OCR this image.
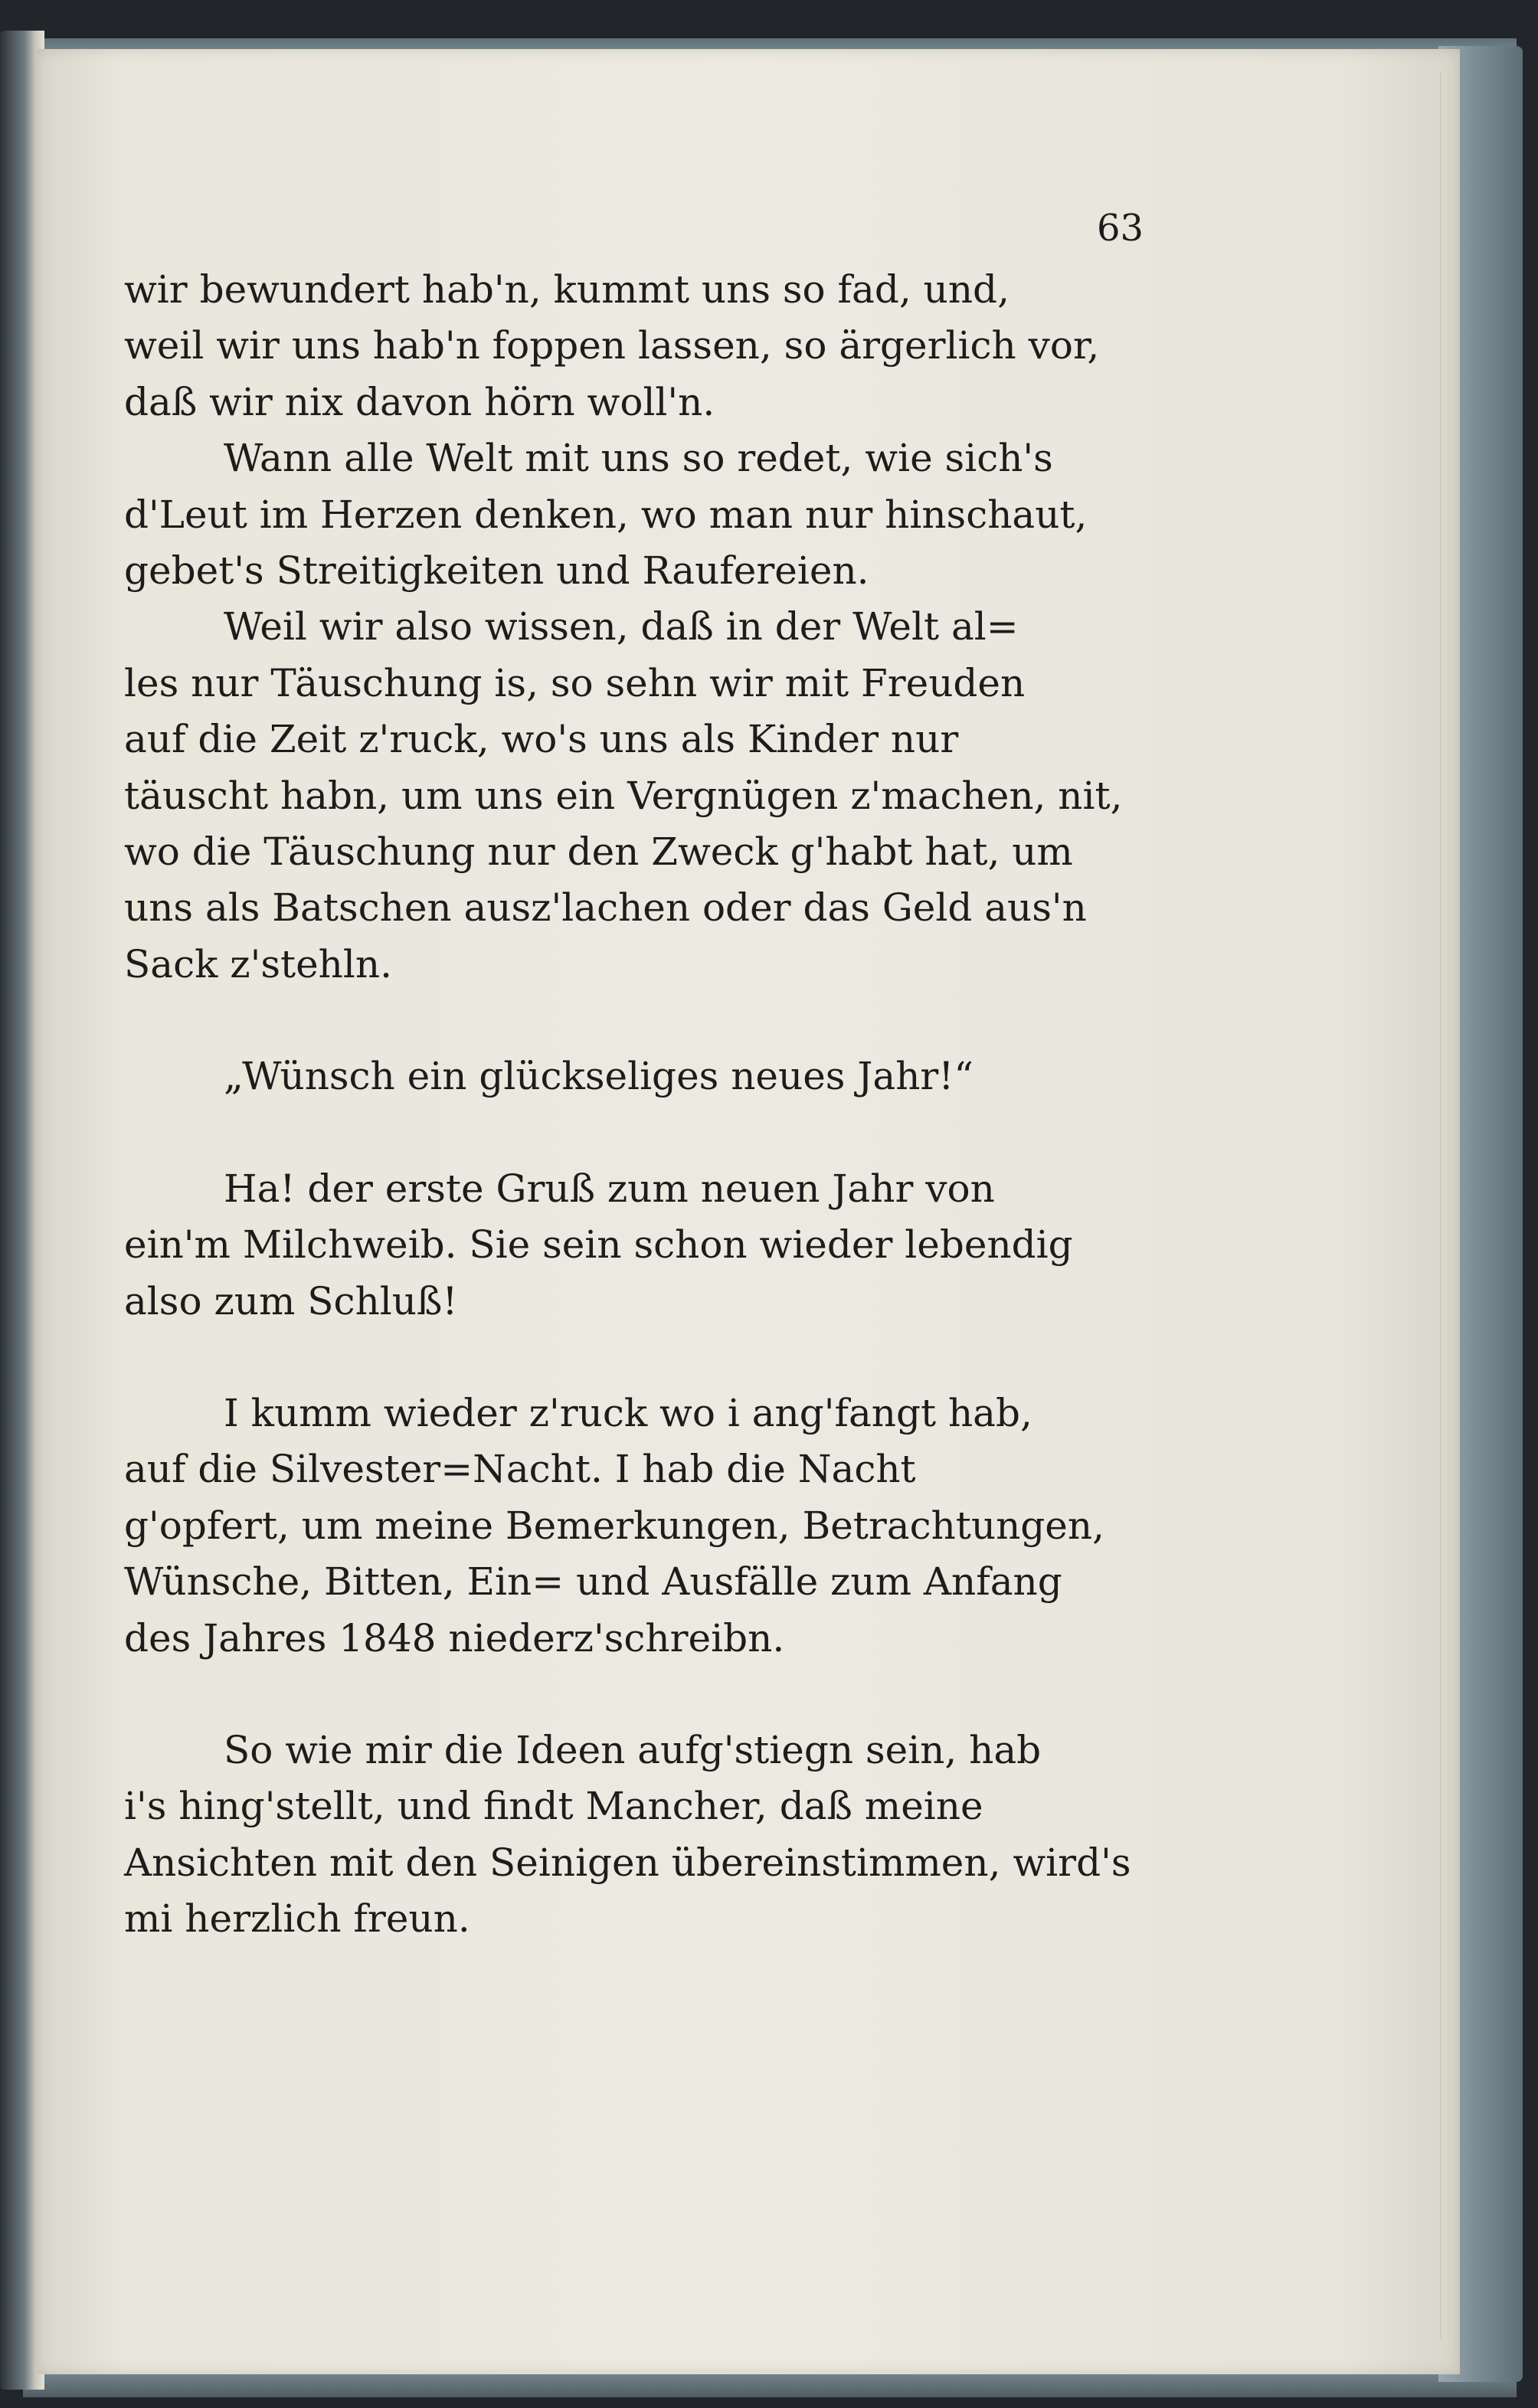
63

wir bewundert hab'n, kummt uns so fad, und,
weil wir uns hab'n foppen lassen, so ärgerlich vor,
daß wir nix davon hörn woll'n.

Wann alle Welt mit uns so redet, wie sich's
d'Leut im Herzen denken, wo man nur hinschaut,
gebet's Streitigkeiten und Raufereien.

Weil wir also wissen, daß in der Welt al=
les nur Täuschung is, so sehn wir mit Freuden
auf die Zeit z'ruck, wo's uns als Kinder nur
täuscht habn, um uns ein Vergnügen z'machen, nit,
wo die Täuschung nur den Zweck g'habt hat, um
uns als Batschen ausz'lachen oder das Geld aus'n
Sack z'stehln.

„Wünsch ein glückseliges neues Jahr!“

Ha! der erste Gruß zum neuen Jahr von
ein'm Milchweib. Sie sein schon wieder lebendig
also zum Schluß!

I kumm wieder z'ruck wo i ang'fangt hab,
auf die Silvester=Nacht. I hab die Nacht
g'opfert, um meine Bemerkungen, Betrachtungen,
Wünsche, Bitten, Ein= und Ausfälle zum Anfang
des Jahres 1848 niederz'schreibn.

So wie mir die Ideen aufg'stiegn sein, hab
i's hing'stellt, und findt Mancher, daß meine
Ansichten mit den Seinigen übereinstimmen, wird's
mi herzlich freun.
